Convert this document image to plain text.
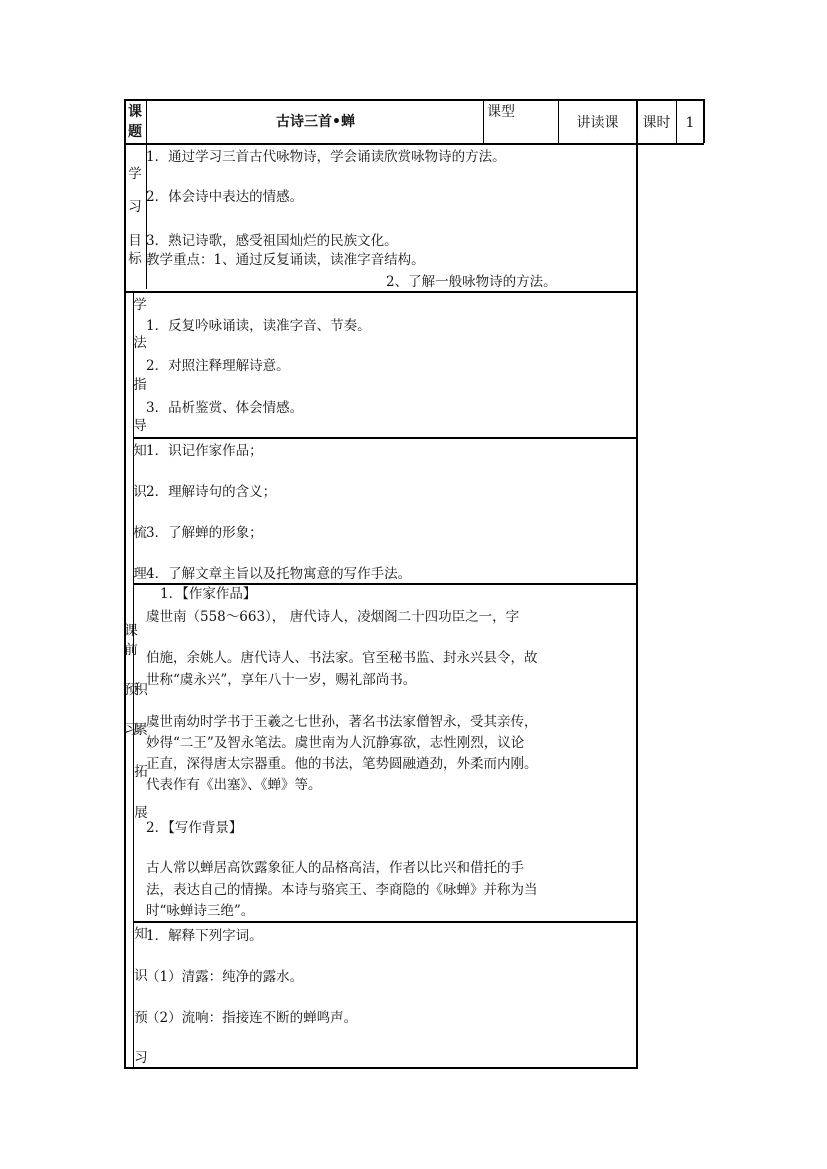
课
题
古诗三首•蝉
课型
讲读课	课时	1
学
习
目
标
1．通过学习三首古代咏物诗，学会诵读欣赏咏物诗的方法。
2．体会诗中表达的情感。
3．熟记诗歌，感受祖国灿烂的民族文化。
教学重点：1、通过反复诵读，读准字音结构。
2、了解一般咏物诗的方法。
学
法
指
导
1．反复吟咏诵读，读准字音、节奏。
2．对照注释理解诗意。
3．品析鉴赏、体会情感。
知
识
梳
理
1．识记作家作品；
2．理解诗句的含义；
3．了解蝉的形象；
4．了解文章主旨以及托物寓意的写作手法。
课
前
预
习
积
累
拓
展
1．【作家作品】
虞世南（558～663）， 唐代诗人，凌烟阁二十四功臣之一，字
伯施，余姚人。唐代诗人、书法家。官至秘书监、封永兴县令，故
世称“虞永兴”，享年八十一岁，赐礼部尚书。
虞世南幼时学书于王羲之七世孙，著名书法家僧智永，受其亲传，
妙得“二王”及智永笔法。虞世南为人沉静寡欲，志性刚烈，议论
正直，深得唐太宗器重。他的书法，笔势圆融遒劲，外柔而内刚。
代表作有《出塞》、《蝉》等。
2．【写作背景】
古人常以蝉居高饮露象征人的品格高洁，作者以比兴和借托的手
法，表达自己的情操。本诗与骆宾王、李商隐的《咏蝉》并称为当
时“咏蝉诗三绝”。
知
识
预
习
1．解释下列字词。
（1）清露：纯净的露水。
（2）流响：指接连不断的蝉鸣声。
